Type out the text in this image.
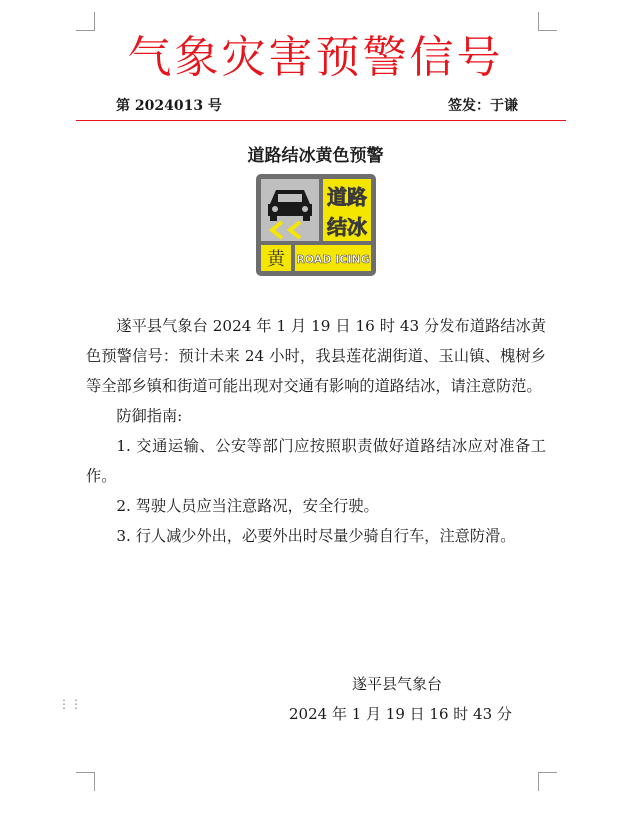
气象灾害预警信号
第 2024013 号	签发：于谦
道路结冰黄色预警
道路
结冰
黄 ROAD ICING

遂平县气象台 2024 年 1 月 19 日 16 时 43 分发布道路结冰黄色预警信号：预计未来 24 小时，我县莲花湖街道、玉山镇、槐树乡等全部乡镇和街道可能出现对交通有影响的道路结冰，请注意防范。

防御指南:

1. 交通运输、公安等部门应按照职责做好道路结冰应对准备工作。

2. 驾驶人员应当注意路况，安全行驶。

3. 行人减少外出，必要外出时尽量少骑自行车，注意防滑。

遂平县气象台
2024 年 1 月 19 日 16 时 43 分
⋮⋮
